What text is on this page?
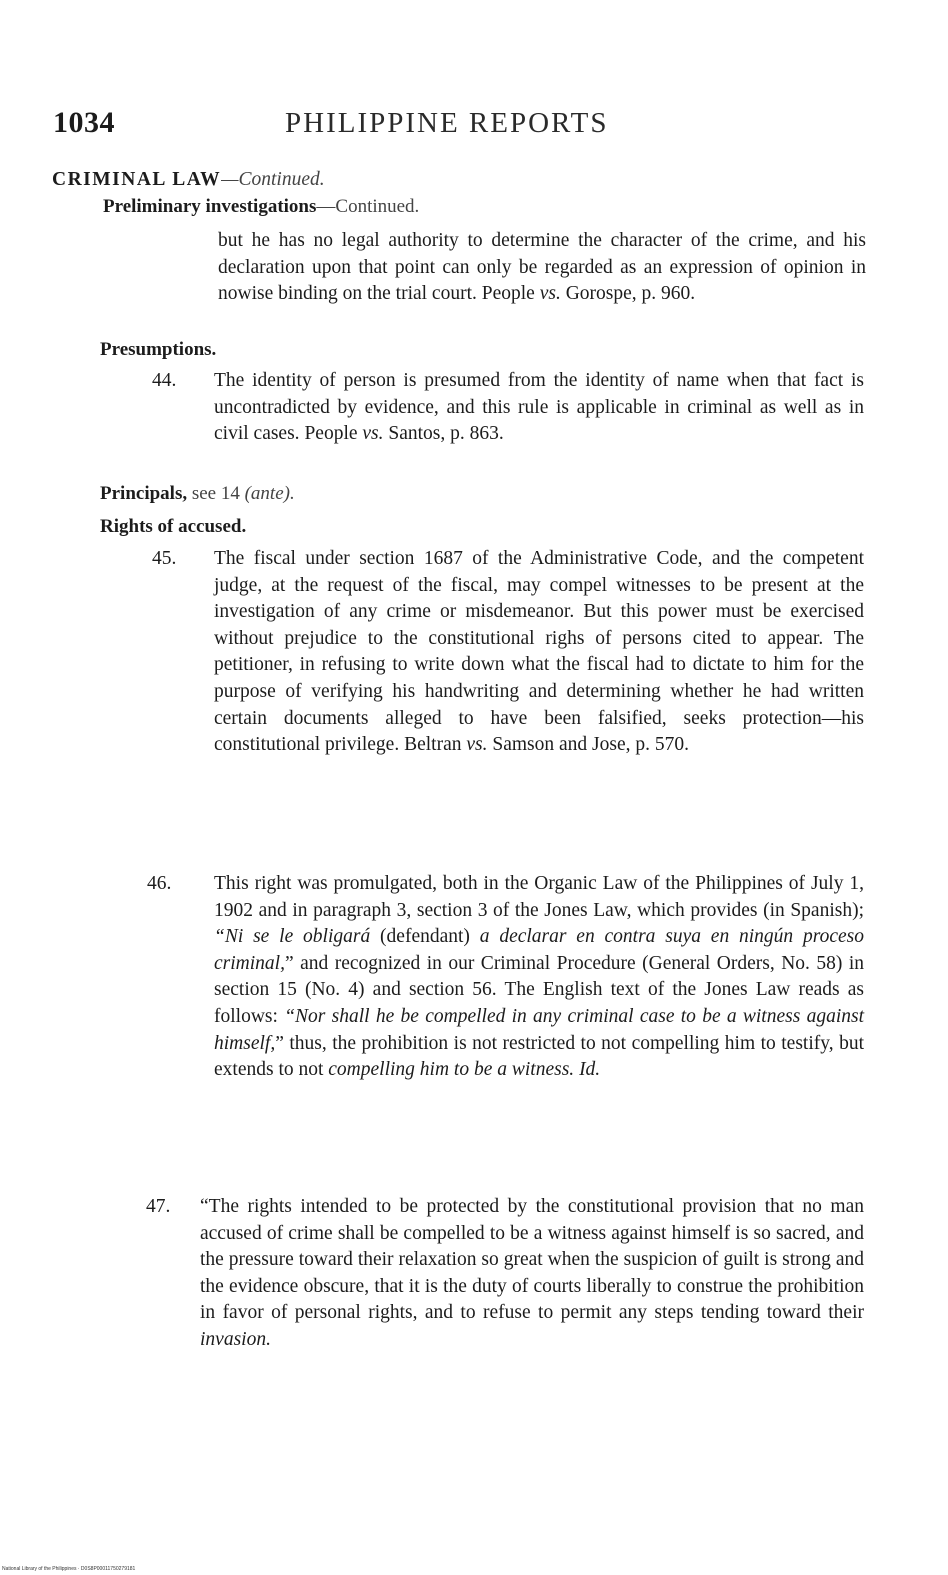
1034	PHILIPPINE REPORTS
CRIMINAL LAW—Continued.
Preliminary investigations—Continued.
but he has no legal authority to determine the character of the crime, and his declaration upon that point can only be regarded as an expression of opinion in nowise binding on the trial court. People vs. Gorospe, p. 960.
Presumptions.
44.	The identity of person is presumed from the identity of name when that fact is uncontradicted by evidence, and this rule is applicable in criminal as well as in civil cases. People vs. Santos, p. 863.
Principals, see 14 (ante).
Rights of accused.
45.	The fiscal under section 1687 of the Administrative Code, and the competent judge, at the request of the fiscal, may compel witnesses to be present at the investigation of any crime or misdemeanor. But this power must be exercised without prejudice to the constitutional righs of persons cited to appear. The petitioner, in refusing to write down what the fiscal had to dictate to him for the purpose of verifying his handwriting and determining whether he had written certain documents alleged to have been falsified, seeks protection—his constitutional privilege. Beltran vs. Samson and Jose, p. 570.
46.	This right was promulgated, both in the Organic Law of the Philippines of July 1, 1902 and in paragraph 3, section 3 of the Jones Law, which provides (in Spanish); “Ni se le obligará (defendant) a declarar en contra suya en ningún proceso criminal,” and recognized in our Criminal Procedure (General Orders, No. 58) in section 15 (No. 4) and section 56. The English text of the Jones Law reads as follows: “Nor shall he be compelled in any criminal case to be a witness against himself,” thus, the prohibition is not restricted to not compelling him to testify, but extends to not compelling him to be a witness. Id.
47.	“The rights intended to be protected by the constitutional provision that no man accused of crime shall be compelled to be a witness against himself is so sacred, and the pressure toward their relaxation so great when the suspicion of guilt is strong and the evidence obscure, that it is the duty of courts liberally to construe the prohibition in favor of personal rights, and to refuse to permit any steps tending toward their invasion.
National Library of the Philippines · D0S8P00011750279181
